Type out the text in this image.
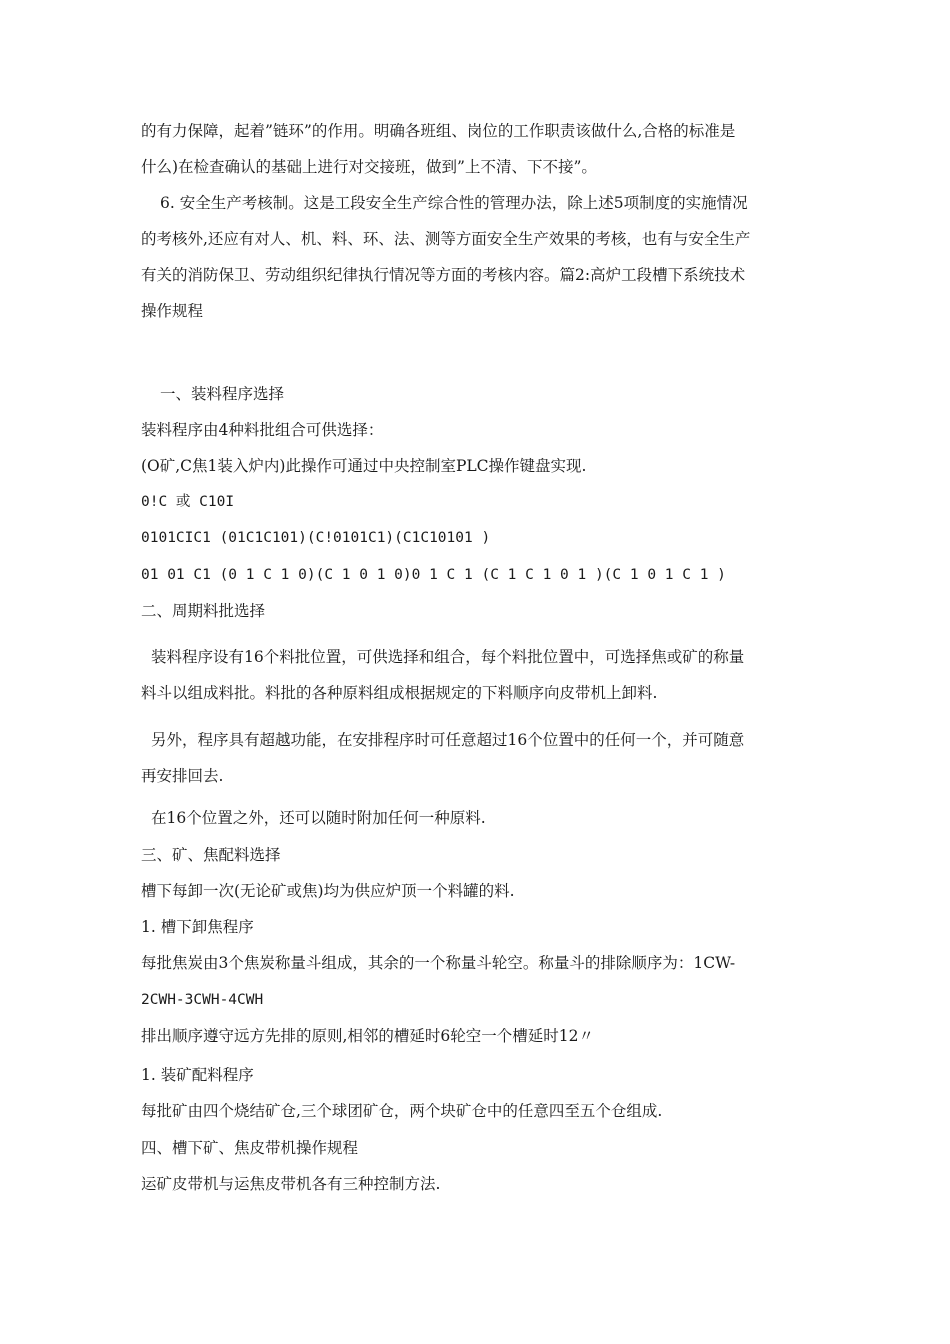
的有力保障，起着”链环”的作用。明确各班组、岗位的工作职责该做什么,合格的标准是
什么)在检查确认的基础上进行对交接班，做到”上不清、下不接”。
6. 安全生产考核制。这是工段安全生产综合性的管理办法，除上述5项制度的实施情况
的考核外,还应有对人、机、料、环、法、测等方面安全生产效果的考核，也有与安全生产
有关的消防保卫、劳动组织纪律执行情况等方面的考核内容。篇2:高炉工段槽下系统技术
操作规程
一、装料程序选择
装料程序由4种料批组合可供选择：
(O矿,C焦1装入炉内)此操作可通过中央控制室PLC操作键盘实现.
0!C 或 C10I
0101CIC1 (01C1C101)(C!0101C1)(C1C10101 )
01 01 C1 (0 1 C 1 0)(C 1 0 1 0)0 1 C 1 (C 1 C 1 0 1 )(C 1 0 1 C 1 )
二、周期料批选择
装料程序设有16个料批位置，可供选择和组合，每个料批位置中，可选择焦或矿的称量
料斗以组成料批。料批的各种原料组成根据规定的下料顺序向皮带机上卸料.
另外，程序具有超越功能，在安排程序时可任意超过16个位置中的任何一个，并可随意
再安排回去.
在16个位置之外，还可以随时附加任何一种原料.
三、矿、焦配料选择
槽下每卸一次(无论矿或焦)均为供应炉顶一个料罐的料.
1. 槽下卸焦程序
每批焦炭由3个焦炭称量斗组成，其余的一个称量斗轮空。称量斗的排除顺序为：1CW-
2CWH-3CWH-4CWH
排出顺序遵守远方先排的原则,相邻的槽延时6轮空一个槽延时12〃
1. 装矿配料程序
每批矿由四个烧结矿仓,三个球团矿仓，两个块矿仓中的任意四至五个仓组成.
四、槽下矿、焦皮带机操作规程
运矿皮带机与运焦皮带机各有三种控制方法.
